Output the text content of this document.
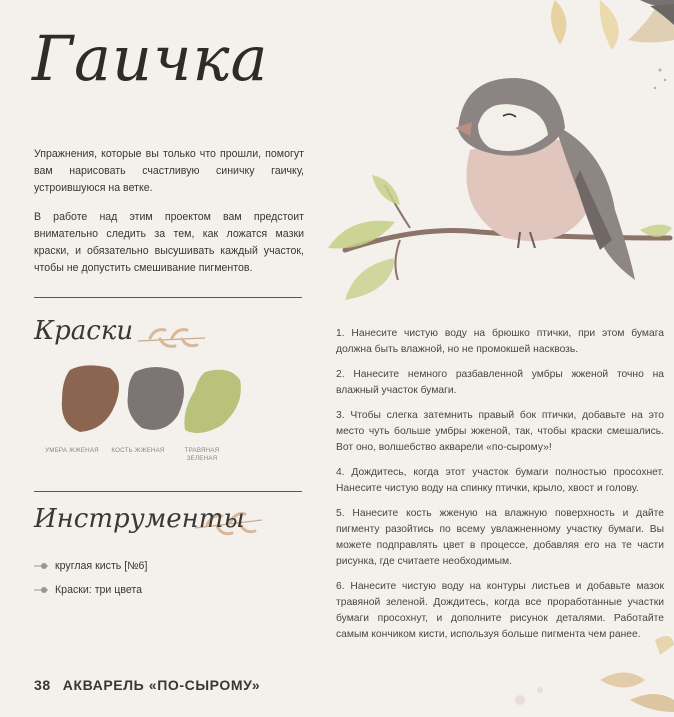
Гаичка

Упражнения, которые вы только что прошли, помогут вам нарисовать счастливую синичку гаичку, устроившуюся на ветке.

В работе над этим проектом вам предстоит внимательно следить за тем, как ложатся мазки краски, и обязательно высушивать каждый участок, чтобы не допустить смешивание пигментов.

Краски
УМБРА ЖЖЕНАЯ	КОСТЬ ЖЖЕНАЯ	ТРАВЯНАЯ ЗЕЛЕНАЯ
Инструменты
круглая кисть [№6]
Краски: три цвета

1. Нанесите чистую воду на брюшко птички, при этом бумага должна быть влажной, но не промокшей насквозь.

2. Нанесите немного разбавленной умбры жженой точно на влажный участок бумаги.

3. Чтобы слегка затемнить правый бок птички, добавьте на это место чуть больше умбры жженой, так, чтобы краски смешались. Вот оно, волшебство акварели «по-сырому»!

4. Дождитесь, когда этот участок бумаги полностью просохнет. Нанесите чистую воду на спинку птички, крыло, хвост и голову.

5. Нанесите кость жженую на влажную поверхность и дайте пигменту разойтись по всему увлажненному участку бумаги. Вы можете подправлять цвет в процессе, добавляя его на те части рисунка, где считаете необходимым.

6. Нанесите чистую воду на контуры листьев и добавьте мазок травяной зеленой. Дождитесь, когда все проработанные участки бумаги просохнут, и дополните рисунок деталями. Работайте самым кончиком кисти, используя больше пигмента чем ранее.

38 АКВАРЕЛЬ «ПО-СЫРОМУ»
